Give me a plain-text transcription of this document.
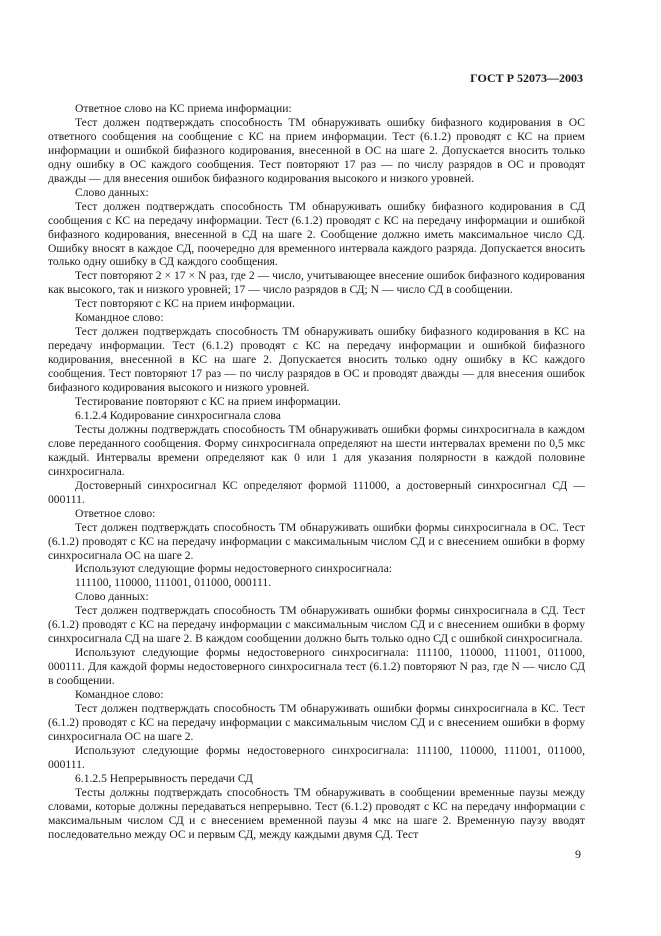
ГОСТ Р 52073—2003

Ответное слово на КС приема информации:

Тест должен подтверждать способность ТМ обнаруживать ошибку бифазного кодирования в ОС ответного сообщения на сообщение с КС на прием информации. Тест (6.1.2) проводят с КС на прием информации и ошибкой бифазного кодирования, внесенной в ОС на шаге 2. Допускается вносить только одну ошибку в ОС каждого сообщения. Тест повторяют 17 раз — по числу разрядов в ОС и проводят дважды — для внесения ошибок бифазного кодирования высокого и низкого уровней.

Слово данных:

Тест должен подтверждать способность ТМ обнаруживать ошибку бифазного кодирования в СД сообщения с КС на передачу информации. Тест (6.1.2) проводят с КС на передачу информации и ошибкой бифазного кодирования, внесенной в СД на шаге 2. Сообщение должно иметь максимальное число СД. Ошибку вносят в каждое СД, поочередно для временного интервала каждого разряда. Допускается вносить только одну ошибку в СД каждого сообщения.

Тест повторяют 2 × 17 × N раз, где 2 — число, учитывающее внесение ошибок бифазного кодирования как высокого, так и низкого уровней; 17 — число разрядов в СД; N — число СД в сообщении.

Тест повторяют с КС на прием информации.

Командное слово:

Тест должен подтверждать способность ТМ обнаруживать ошибку бифазного кодирования в КС на передачу информации. Тест (6.1.2) проводят с КС на передачу информации и ошибкой бифазного кодирования, внесенной в КС на шаге 2. Допускается вносить только одну ошибку в КС каждого сообщения. Тест повторяют 17 раз — по числу разрядов в ОС и проводят дважды — для внесения ошибок бифазного кодирования высокого и низкого уровней.

Тестирование повторяют с КС на прием информации.

6.1.2.4 Кодирование синхросигнала слова

Тесты должны подтверждать способность ТМ обнаруживать ошибки формы синхросигнала в каждом слове переданного сообщения. Форму синхросигнала определяют на шести интервалах времени по 0,5 мкс каждый. Интервалы времени определяют как 0 или 1 для указания полярности в каждой половине синхросигнала.

Достоверный синхросигнал КС определяют формой 111000, а достоверный синхросигнал СД — 000111.

Ответное слово:

Тест должен подтверждать способность ТМ обнаруживать ошибки формы синхросигнала в ОС. Тест (6.1.2) проводят с КС на передачу информации с максимальным числом СД и с внесением ошибки в форму синхросигнала ОС на шаге 2.

Используют следующие формы недостоверного синхросигнала:

111100, 110000, 111001, 011000, 000111.

Слово данных:

Тест должен подтверждать способность ТМ обнаруживать ошибки формы синхросигнала в СД. Тест (6.1.2) проводят с КС на передачу информации с максимальным числом СД и с внесением ошибки в форму синхросигнала СД на шаге 2. В каждом сообщении должно быть только одно СД с ошибкой синхросигнала.

Используют следующие формы недостоверного синхросигнала: 111100, 110000, 111001, 011000, 000111. Для каждой формы недостоверного синхросигнала тест (6.1.2) повторяют N раз, где N — число СД в сообщении.

Командное слово:

Тест должен подтверждать способность ТМ обнаруживать ошибки формы синхросигнала в КС. Тест (6.1.2) проводят с КС на передачу информации с максимальным числом СД и с внесением ошибки в форму синхросигнала ОС на шаге 2.

Используют следующие формы недостоверного синхросигнала: 111100, 110000, 111001, 011000, 000111.

6.1.2.5 Непрерывность передачи СД

Тесты должны подтверждать способность ТМ обнаруживать в сообщении временные паузы между словами, которые должны передаваться непрерывно. Тест (6.1.2) проводят с КС на передачу информации с максимальным числом СД и с внесением временной паузы 4 мкс на шаге 2. Временную паузу вводят последовательно между ОС и первым СД, между каждыми двумя СД. Тест

9
